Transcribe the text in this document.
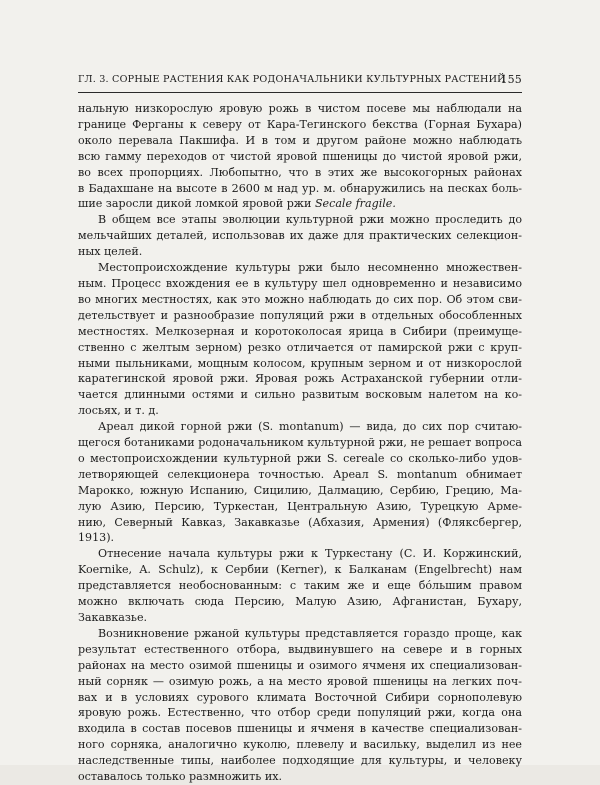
ГЛ. 3. СОРНЫЕ РАСТЕНИЯ КАК РОДОНАЧАЛЬНИКИ КУЛЬТУРНЫХ РАСТЕНИЙ
155

нальную низкорослую яровую рожь в чистом посеве мы наблюдали на
границе Ферганы к северу от Кара-Тегинского бекства (Горная Бухара)
около перевала Пакшифа. И в том и другом районе можно наблюдать
всю гамму переходов от чистой яровой пшеницы до чистой яровой ржи,
во всех пропорциях. Любопытно, что в этих же высокогорных районах
в Бадахшане на высоте в 2600 м над ур. м. обнаружились на песках боль-
шие заросли дикой ломкой яровой ржи Secale fragile.

В общем все этапы эволюции культурной ржи можно проследить до
мельчайших деталей, использовав их даже для практических селекцион-
ных целей.

Местопроисхождение культуры ржи было несомненно множествен-
ным. Процесс вхождения ее в культуру шел одновременно и независимо
во многих местностях, как это можно наблюдать до сих пор. Об этом сви-
детельствует и разнообразие популяций ржи в отдельных обособленных
местностях. Мелкозерная и коротоколосая ярица в Сибири (преимуще-
ственно с желтым зерном) резко отличается от памирской ржи с круп-
ными пыльниками, мощным колосом, крупным зерном и от низкорослой
каратегинской яровой ржи. Яровая рожь Астраханской губернии отли-
чается длинными остями и сильно развитым восковым налетом на ко-
лосьях, и т. д.

Ареал дикой горной ржи (S. montanum) — вида, до сих пор считаю-
щегося ботаниками родоначальником культурной ржи, не решает вопроса
о местопроисхождении культурной ржи S. cereale со сколько-либо удов-
летворяющей селекционера точностью. Ареал S. montanum обнимает
Марокко, южную Испанию, Сицилию, Далмацию, Сербию, Грецию, Ма-
лую Азию, Персию, Туркестан, Центральную Азию, Турецкую Арме-
нию, Северный Кавказ, Закавказье (Абхазия, Армения) (Фляксбергер,
1913).

Отнесение начала культуры ржи к Туркестану (С. И. Коржинский,
Koernike, A. Schulz), к Сербии (Kerner), к Балканам (Engelbrecht) нам
представляется необоснованным: с таким же и еще бо́льшим правом
можно включать сюда Персию, Малую Азию, Афганистан, Бухару,
Закавказье.

Возникновение ржаной культуры представляется гораздо проще, как
результат естественного отбора, выдвинувшего на севере и в горных
районах на место озимой пшеницы и озимого ячменя их специализован-
ный сорняк — озимую рожь, а на место яровой пшеницы на легких поч-
вах и в условиях сурового климата Восточной Сибири сорнополевую
яровую рожь. Естественно, что отбор среди популяций ржи, когда она
входила в состав посевов пшеницы и ячменя в качестве специализован-
ного сорняка, аналогично куколю, плевелу и васильку, выделил из нее
наследственные типы, наиболее подходящие для культуры, и человеку
оставалось только размножить их.
